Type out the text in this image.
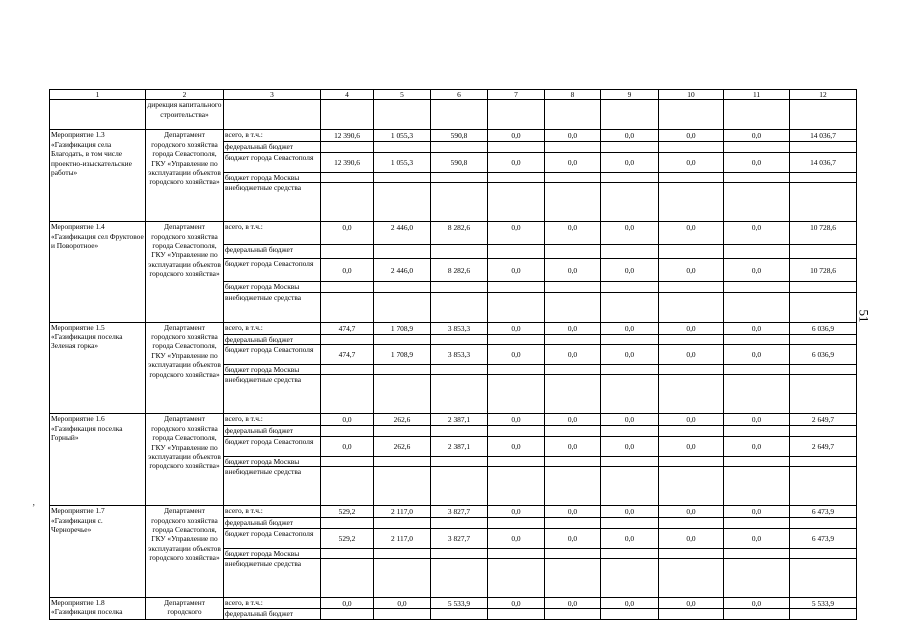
1	2	3	4	5	6	7	8	9	10	11	12
	дирекция капитального строительства»										
Мероприятие 1.3 «Газификация села Благодать, в том числе проектно-изыскательские работы»	Департамент городского хозяйства города Севастополя, ГКУ «Управление по эксплуатации объектов городского хозяйства»	всего, в т.ч.:	12 390,6	1 055,3	590,8	0,0	0,0	0,0	0,0	0,0	14 036,7
		федеральный бюджет									
		бюджет города Севастополя	12 390,6	1 055,3	590,8	0,0	0,0	0,0	0,0	0,0	14 036,7
		бюджет города Москвы									
		внебюджетные средства									
Мероприятие 1.4 «Газификация сел Фруктовое и Поворотное»	Департамент городского хозяйства города Севастополя, ГКУ «Управление по эксплуатации объектов городского хозяйства»	всего, в т.ч.:	0,0	2 446,0	8 282,6	0,0	0,0	0,0	0,0	0,0	10 728,6
		федеральный бюджет									
		бюджет города Севастополя	0,0	2 446,0	8 282,6	0,0	0,0	0,0	0,0	0,0	10 728,6
		бюджет города Москвы									
		внебюджетные средства									
Мероприятие 1.5 «Газификация поселка Зеленая горка»	Департамент городского хозяйства города Севастополя, ГКУ «Управление по эксплуатации объектов городского хозяйства»	всего, в т.ч.:	474,7	1 708,9	3 853,3	0,0	0,0	0,0	0,0	0,0	6 036,9
		федеральный бюджет									
		бюджет города Севастополя	474,7	1 708,9	3 853,3	0,0	0,0	0,0	0,0	0,0	6 036,9
		бюджет города Москвы									
		внебюджетные средства									
Мероприятие 1.6 «Газификация поселка Горный»	Департамент городского хозяйства города Севастополя, ГКУ «Управление по эксплуатации объектов городского хозяйства»	всего, в т.ч.:	0,0	262,6	2 387,1	0,0	0,0	0,0	0,0	0,0	2 649,7
		федеральный бюджет									
		бюджет города Севастополя	0,0	262,6	2 387,1	0,0	0,0	0,0	0,0	0,0	2 649,7
		бюджет города Москвы									
		внебюджетные средства									
Мероприятие 1.7 «Газификация с. Черноречье»	Департамент городского хозяйства города Севастополя, ГКУ «Управление по эксплуатации объектов городского хозяйства»	всего, в т.ч.:	529,2	2 117,0	3 827,7	0,0	0,0	0,0	0,0	0,0	6 473,9
		федеральный бюджет									
		бюджет города Севастополя	529,2	2 117,0	3 827,7	0,0	0,0	0,0	0,0	0,0	6 473,9
		бюджет города Москвы									
		внебюджетные средства									
Мероприятие 1.8 «Газификация поселка	Департамент городского	всего, в т.ч.:	0,0	0,0	5 533,9	0,0	0,0	0,0	0,0	0,0	5 533,9
		федеральный бюджет									
51
‚
